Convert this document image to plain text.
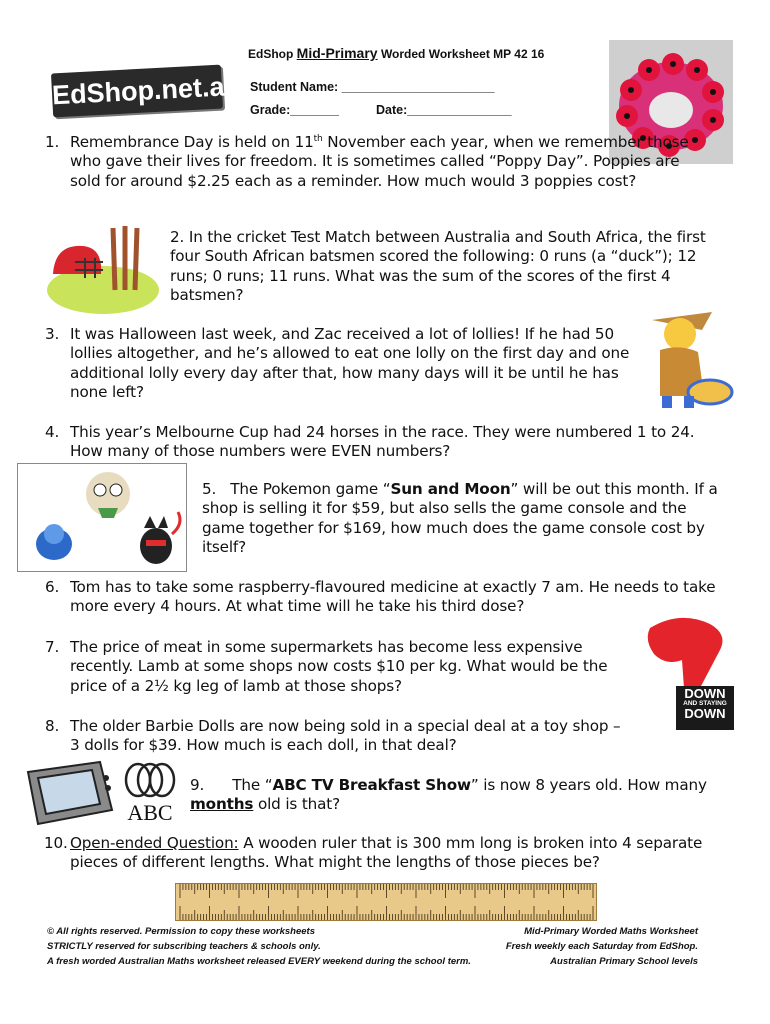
EdShop Mid-Primary Worded Worksheet MP 42 16
Student Name: ______________________
Grade:_______	Date:_______________
EdShop.net.au
1. Remembrance Day is held on 11th November each year, when we remember those who gave their lives for freedom. It is sometimes called “Poppy Day”. Poppies are sold for around $2.25 each as a reminder. How much would 3 poppies cost?
2. In the cricket Test Match between Australia and South Africa, the first four South African batsmen scored the following: 0 runs (a “duck”); 12 runs; 0 runs; 11 runs. What was the sum of the scores of the first 4 batsmen?
3. It was Halloween last week, and Zac received a lot of lollies! If he had 50 lollies altogether, and he’s allowed to eat one lolly on the first day and one additional lolly every day after that, how many days will it be until he has none left?
4. This year’s Melbourne Cup had 24 horses in the race. They were numbered 1 to 24. How many of those numbers were EVEN numbers?
5. The Pokemon game “Sun and Moon” will be out this month. If a shop is selling it for $59, but also sells the game console and the game together for $169, how much does the game console cost by itself?
6. Tom has to take some raspberry-flavoured medicine at exactly 7 am. He needs to take more every 4 hours. At what time will he take his third dose?
DOWN
AND STAYING
DOWN
7. The price of meat in some supermarkets has become less expensive recently. Lamb at some shops now costs $10 per kg. What would be the price of a 2½ kg leg of lamb at those shops?
8. The older Barbie Dolls are now being sold in a special deal at a toy shop – 3 dolls for $39. How much is each doll, in that deal?
ABC
9. The “ABC TV Breakfast Show” is now 8 years old. How many months old is that?
10. Open-ended Question: A wooden ruler that is 300 mm long is broken into 4 separate pieces of different lengths. What might the lengths of those pieces be?
© All rights reserved. Permission to copy these worksheets
STRICTLY reserved for subscribing teachers & schools only.
A fresh worded Australian Maths worksheet released EVERY weekend during the school term.
Mid-Primary Worded Maths Worksheet
Fresh weekly each Saturday from EdShop.
Australian Primary School levels
